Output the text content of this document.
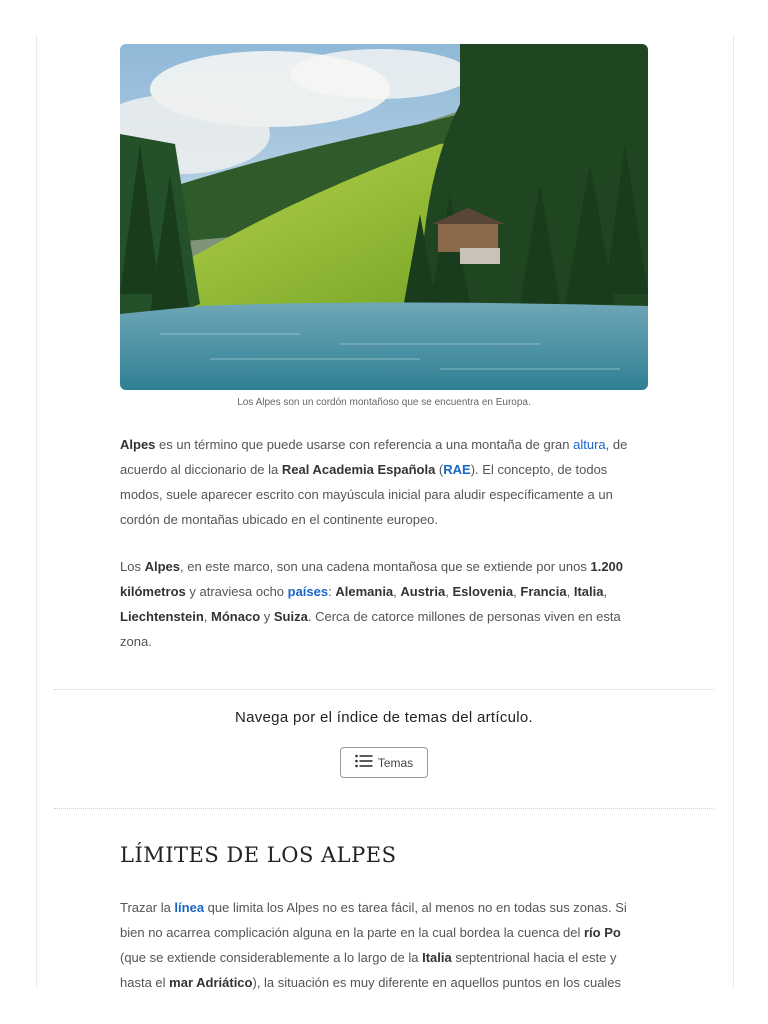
Los Alpes son un cordón montañoso que se encuentra en Europa.
Alpes es un término que puede usarse con referencia a una montaña de gran altura, de acuerdo al diccionario de la Real Academia Española (RAE). El concepto, de todos modos, suele aparecer escrito con mayúscula inicial para aludir específicamente a un cordón de montañas ubicado en el continente europeo.
Los Alpes, en este marco, son una cadena montañosa que se extiende por unos 1.200 kilómetros y atraviesa ocho países: Alemania, Austria, Eslovenia, Francia, Italia, Liechtenstein, Mónaco y Suiza. Cerca de catorce millones de personas viven en esta zona.
Navega por el índice de temas del artículo.
Temas
LÍMITES DE LOS ALPES
Trazar la línea que limita los Alpes no es tarea fácil, al menos no en todas sus zonas. Si bien no acarrea complicación alguna en la parte en la cual bordea la cuenca del río Po (que se extiende considerablemente a lo largo de la Italia septentrional hacia el este y hasta el mar Adriático), la situación es muy diferente en aquellos puntos en los cuales
